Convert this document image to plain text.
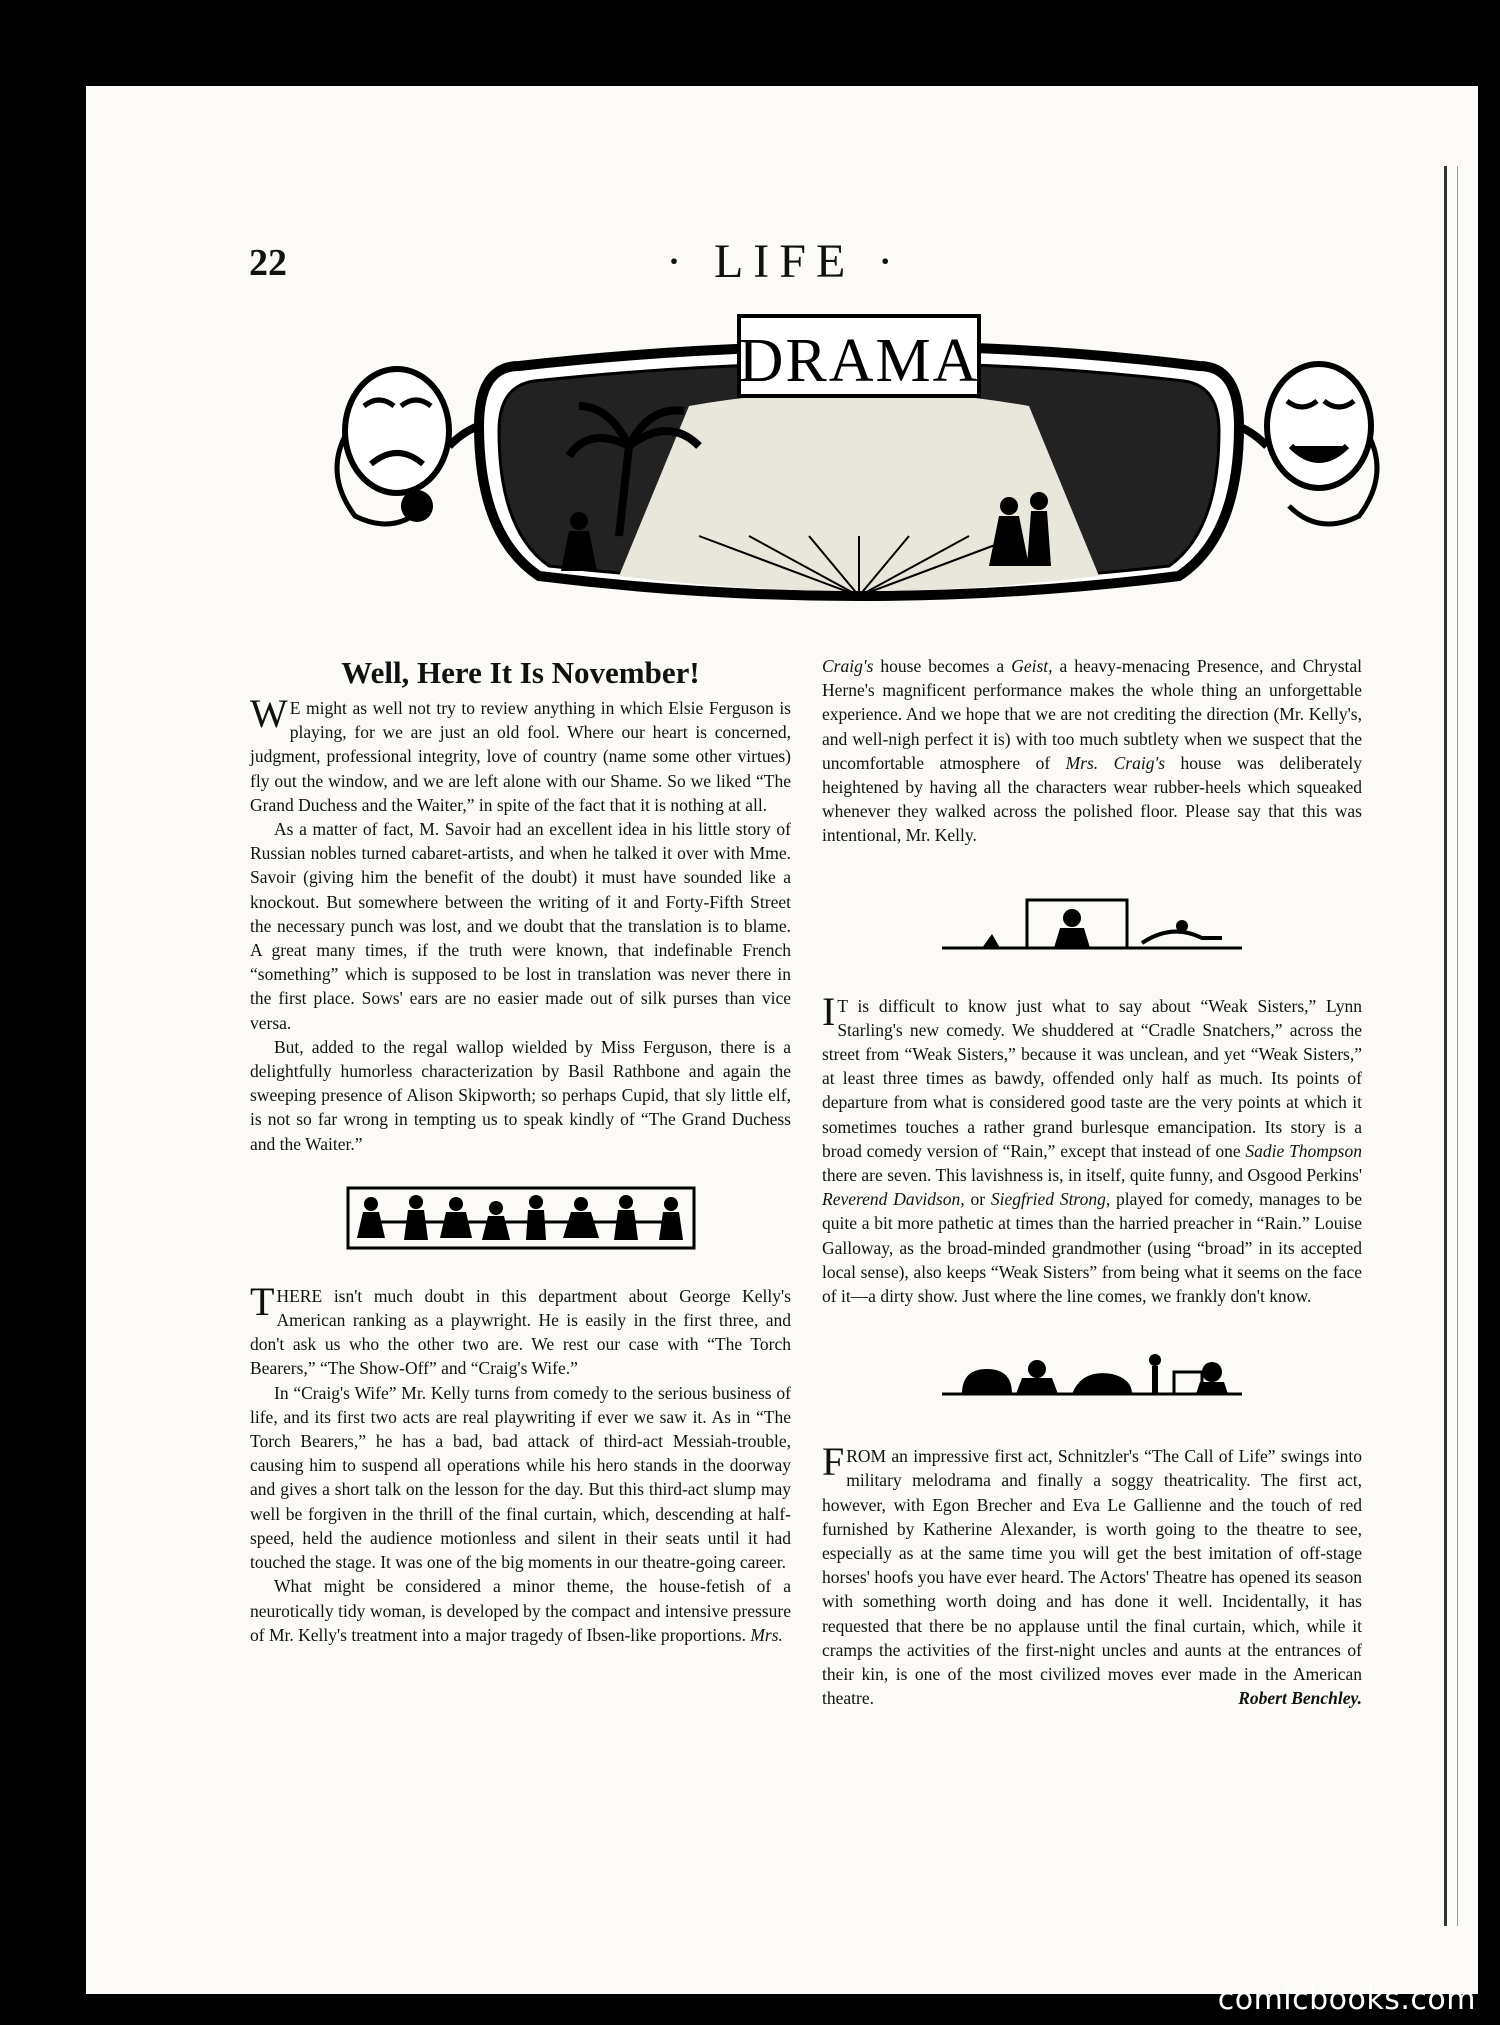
22	· LIFE ·
DRAMA
Well, Here It Is November!

W E might as well not try to review anything in which Elsie Ferguson is playing, for we are just an old fool. Where our heart is concerned, judgment, professional integrity, love of country (name some other virtues) fly out the window, and we are left alone with our Shame. So we liked “The Grand Duchess and the Waiter,” in spite of the fact that it is nothing at all.

As a matter of fact, M. Savoir had an excellent idea in his little story of Russian nobles turned cabaret-artists, and when he talked it over with Mme. Savoir (giving him the benefit of the doubt) it must have sounded like a knockout. But somewhere between the writing of it and Forty-Fifth Street the necessary punch was lost, and we doubt that the translation is to blame. A great many times, if the truth were known, that indefinable French “something” which is supposed to be lost in translation was never there in the first place. Sows' ears are no easier made out of silk purses than vice versa.

But, added to the regal wallop wielded by Miss Ferguson, there is a delightfully humorless characterization by Basil Rathbone and again the sweeping presence of Alison Skipworth; so perhaps Cupid, that sly little elf, is not so far wrong in tempting us to speak kindly of “The Grand Duchess and the Waiter.”

THERE isn't much doubt in this department about George Kelly's American ranking as a playwright. He is easily in the first three, and don't ask us who the other two are. We rest our case with “The Torch Bearers,” “The Show-Off” and “Craig's Wife.”

In “Craig's Wife” Mr. Kelly turns from comedy to the serious business of life, and its first two acts are real playwriting if ever we saw it. As in “The Torch Bearers,” he has a bad, bad attack of third-act Messiah-trouble, causing him to suspend all operations while his hero stands in the doorway and gives a short talk on the lesson for the day. But this third-act slump may well be forgiven in the thrill of the final curtain, which, descending at half-speed, held the audience motionless and silent in their seats until it had touched the stage. It was one of the big moments in our theatre-going career.

What might be considered a minor theme, the house-fetish of a neurotically tidy woman, is developed by the compact and intensive pressure of Mr. Kelly's treatment into a major tragedy of Ibsen-like proportions. Mrs.

Craig's house becomes a Geist, a heavy-menacing Presence, and Chrystal Herne's magnificent performance makes the whole thing an unforgettable experience. And we hope that we are not crediting the direction (Mr. Kelly's, and well-nigh perfect it is) with too much subtlety when we suspect that the uncomfortable atmosphere of Mrs. Craig's house was deliberately heightened by having all the characters wear rubber-heels which squeaked whenever they walked across the polished floor. Please say that this was intentional, Mr. Kelly.

I T is difficult to know just what to say about “Weak Sisters,” Lynn Starling's new comedy. We shuddered at “Cradle Snatchers,” across the street from “Weak Sisters,” because it was unclean, and yet “Weak Sisters,” at least three times as bawdy, offended only half as much. Its points of departure from what is considered good taste are the very points at which it sometimes touches a rather grand burlesque emancipation. Its story is a broad comedy version of “Rain,” except that instead of one Sadie Thompson there are seven. This lavishness is, in itself, quite funny, and Osgood Perkins' Reverend Davidson, or Siegfried Strong, played for comedy, manages to be quite a bit more pathetic at times than the harried preacher in “Rain.” Louise Galloway, as the broad-minded grandmother (using “broad” in its accepted local sense), also keeps “Weak Sisters” from being what it seems on the face of it—a dirty show. Just where the line comes, we frankly don't know.

FROM an impressive first act, Schnitzler's “The Call of Life” swings into military melodrama and finally a soggy theatricality. The first act, however, with Egon Brecher and Eva Le Gallienne and the touch of red furnished by Katherine Alexander, is worth going to the theatre to see, especially as at the same time you will get the best imitation of off-stage horses' hoofs you have ever heard. The Actors' Theatre has opened its season with something worth doing and has done it well. Incidentally, it has requested that there be no applause until the final curtain, which, while it cramps the activities of the first-night uncles and aunts at the entrances of their kin, is one of the most civilized moves ever made in the American theatre.	Robert Benchley.

comicbooks.com
